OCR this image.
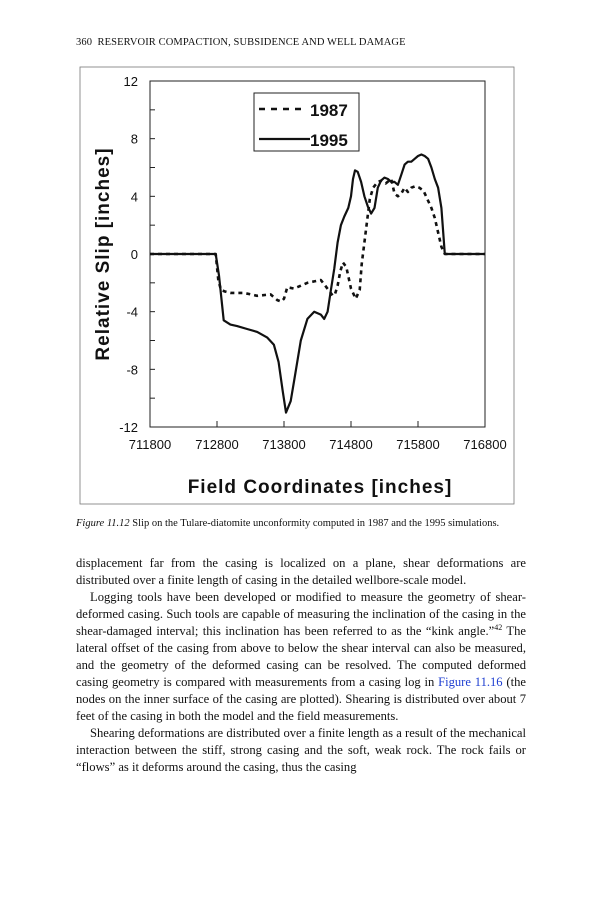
360 RESERVOIR COMPACTION, SUBSIDENCE AND WELL DAMAGE
12
8
4
0
-4
-8
-12
711800 712800 713800 714800 715800 716800
1987
1995
Relative Slip [inches]
Field Coordinates [inches]
Figure 11.12 Slip on the Tulare-diatomite unconformity computed in 1987 and the 1995 simulations.

displacement far from the casing is localized on a plane, shear deformations are distributed over a finite length of casing in the detailed wellbore-scale model.

Logging tools have been developed or modified to measure the geometry of shear-deformed casing. Such tools are capable of measuring the inclination of the casing in the shear-damaged interval; this inclination has been referred to as the “kink angle.”$^{42}$ The lateral offset of the casing from above to below the shear interval can also be measured, and the geometry of the deformed casing can be resolved. The computed deformed casing geometry is compared with measurements from a casing log in Figure 11.16 (the nodes on the inner surface of the casing are plotted). Shearing is distributed over about 7 feet of the casing in both the model and the field measurements.

Shearing deformations are distributed over a finite length as a result of the mechanical interaction between the stiff, strong casing and the soft, weak rock. The rock fails or “flows” as it deforms around the casing, thus the casing
